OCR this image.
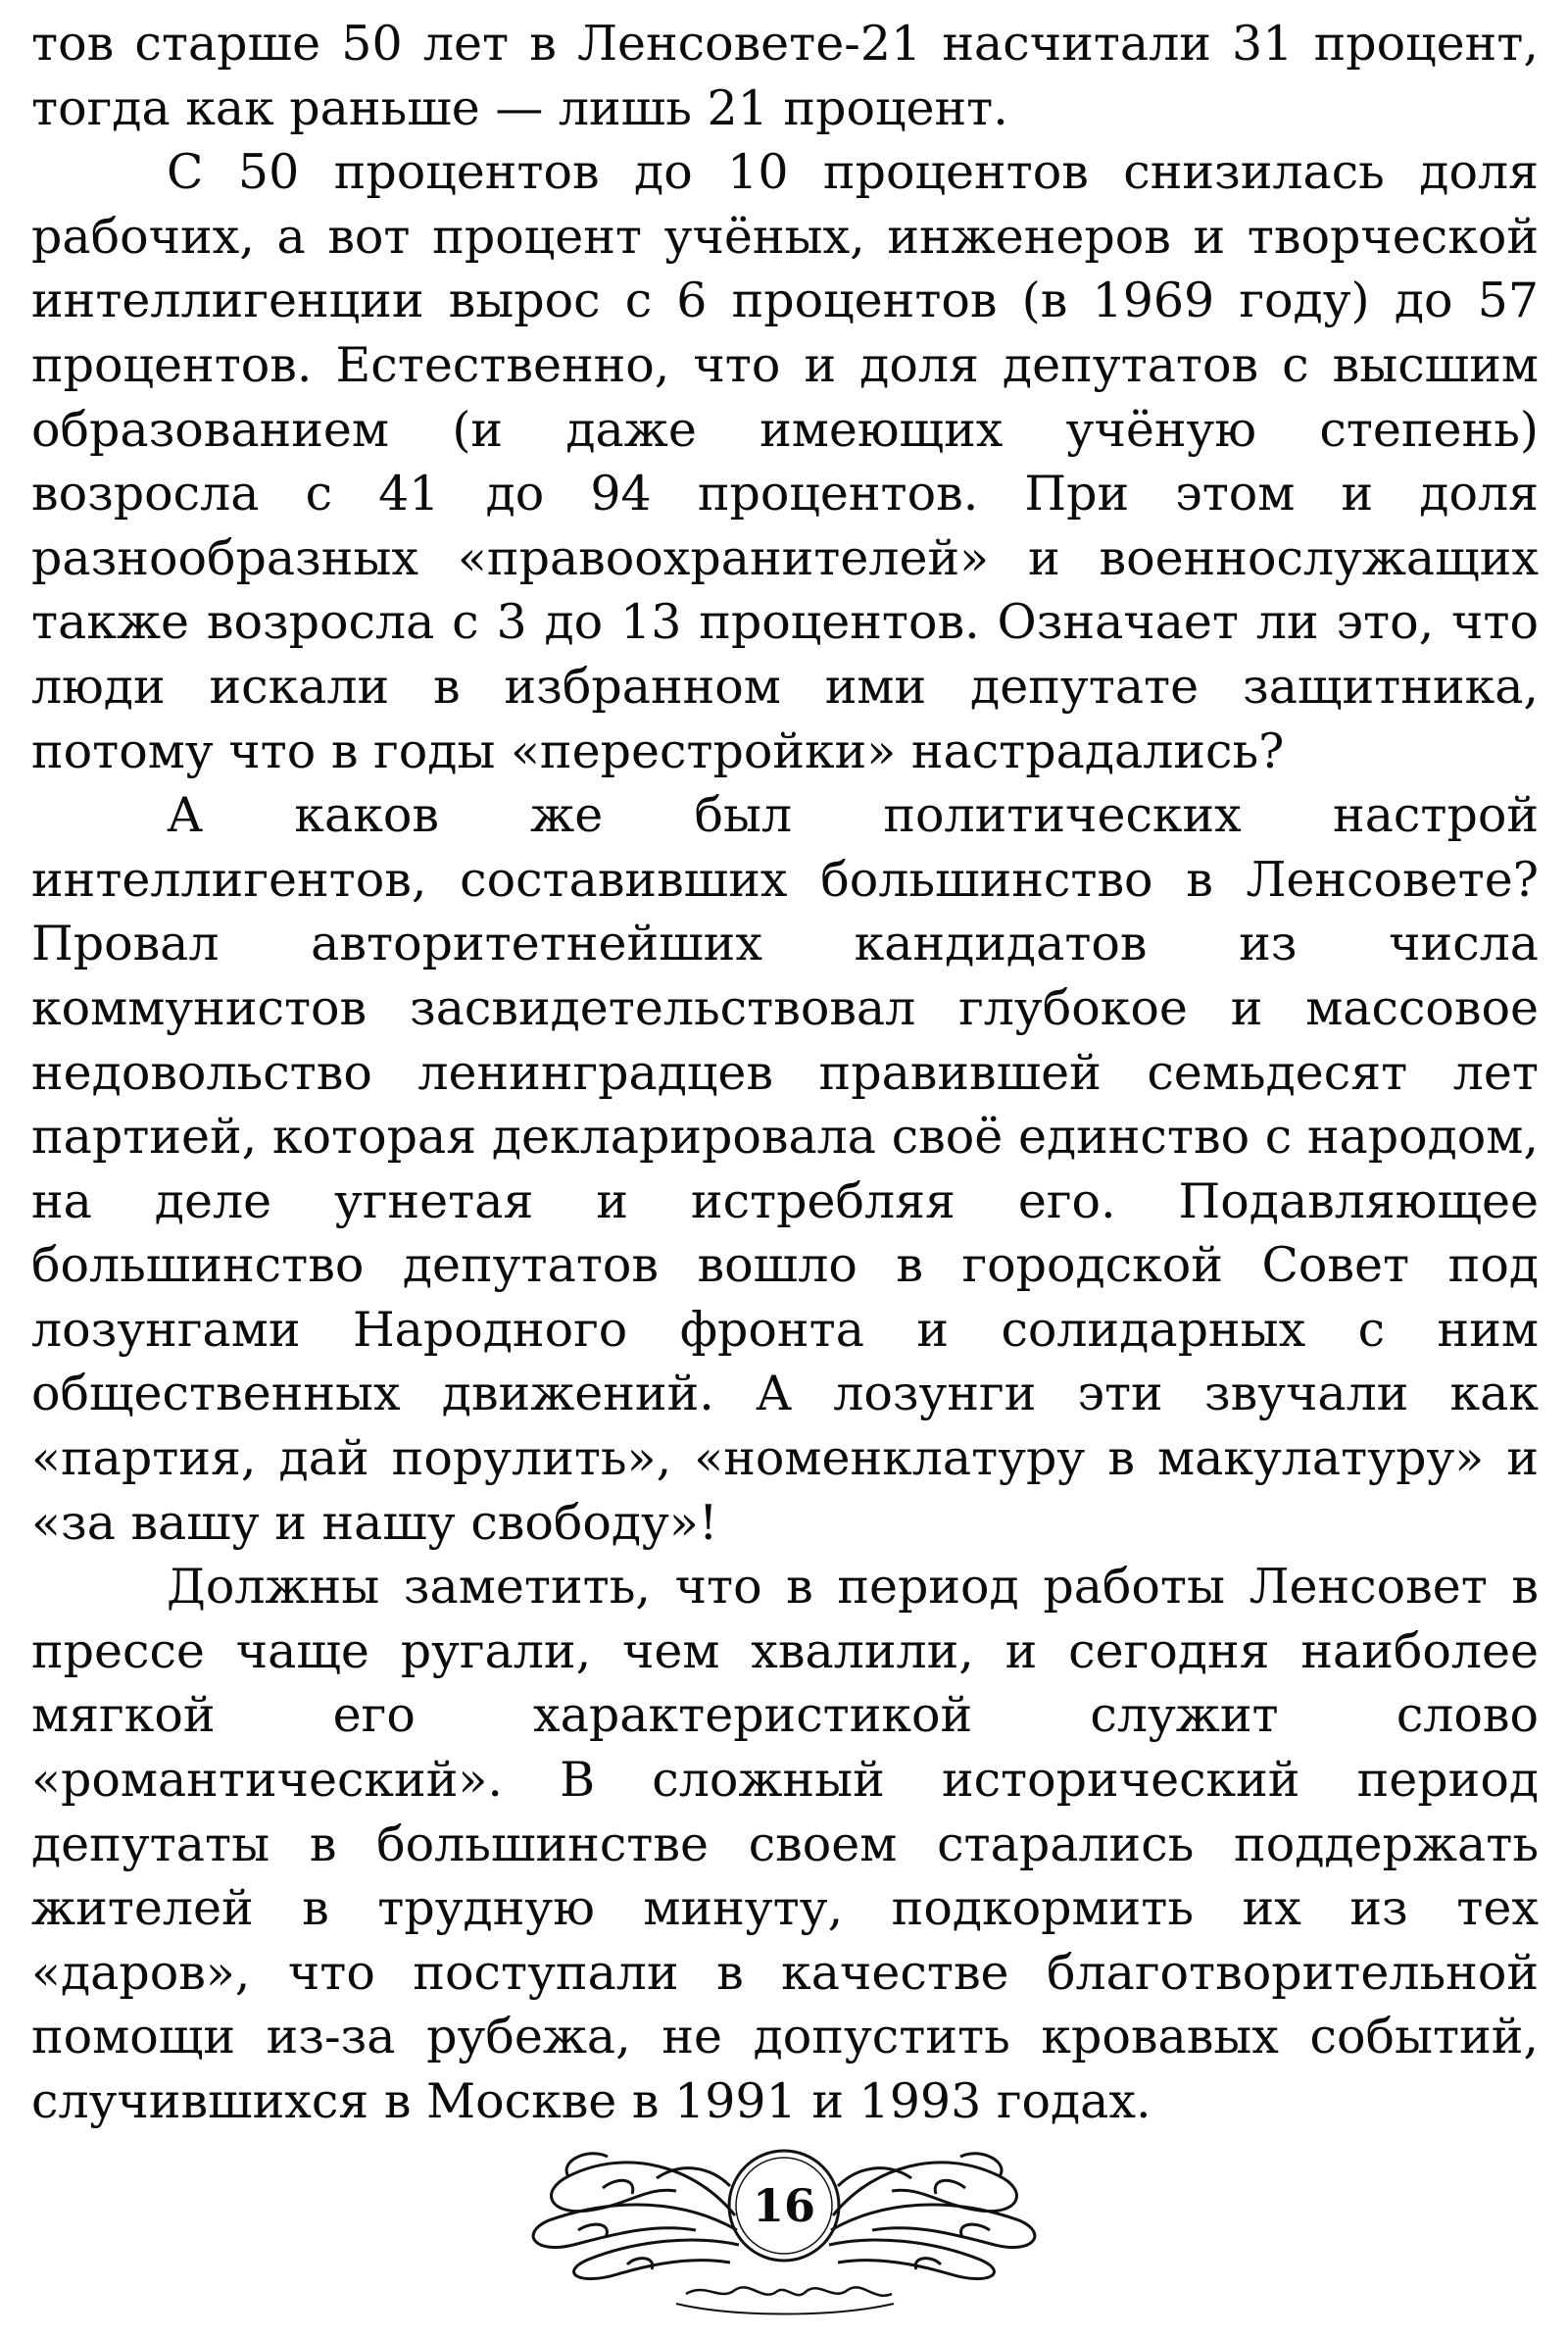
тов старше 50 лет в Ленсовете-21 насчитали 31 процент, тогда как раньше — лишь 21 процент.

С 50 процентов до 10 процентов снизилась доля рабочих, а вот процент учёных, инженеров и творческой интеллигенции вырос с 6 процентов (в 1969 году) до 57 процентов. Естественно, что и доля депутатов с высшим образованием (и даже имеющих учёную степень) возросла с 41 до 94 процентов. При этом и доля разнообразных «правоохранителей» и военнослужащих также возросла с 3 до 13 процентов. Означает ли это, что люди искали в избранном ими депутате защитника, потому что в годы «перестройки» настрадались?

А каков же был политических настрой интеллигентов, составивших большинство в Ленсовете? Провал авторитетнейших кандидатов из числа коммунистов засвидетельствовал глубокое и массовое недовольство ленинградцев правившей семьдесят лет партией, которая декларировала своё единство с народом, на деле угнетая и истребляя его. Подавляющее большинство депутатов вошло в городской Совет под лозунгами Народного фронта и солидарных с ним общественных движений. А лозунги эти звучали как «партия, дай порулить», «номенклатуру в макулатуру» и «за вашу и нашу свободу»!

Должны заметить, что в период работы Ленсовет в прессе чаще ругали, чем хвалили, и сегодня наиболее мягкой его характеристикой служит слово «романтический». В сложный исторический период депутаты в большинстве своем старались поддержать жителей в трудную минуту, подкормить их из тех «даров», что поступали в качестве благотворительной помощи из-за рубежа, не допустить кровавых событий, случившихся в Москве в 1991 и 1993 годах.

16
